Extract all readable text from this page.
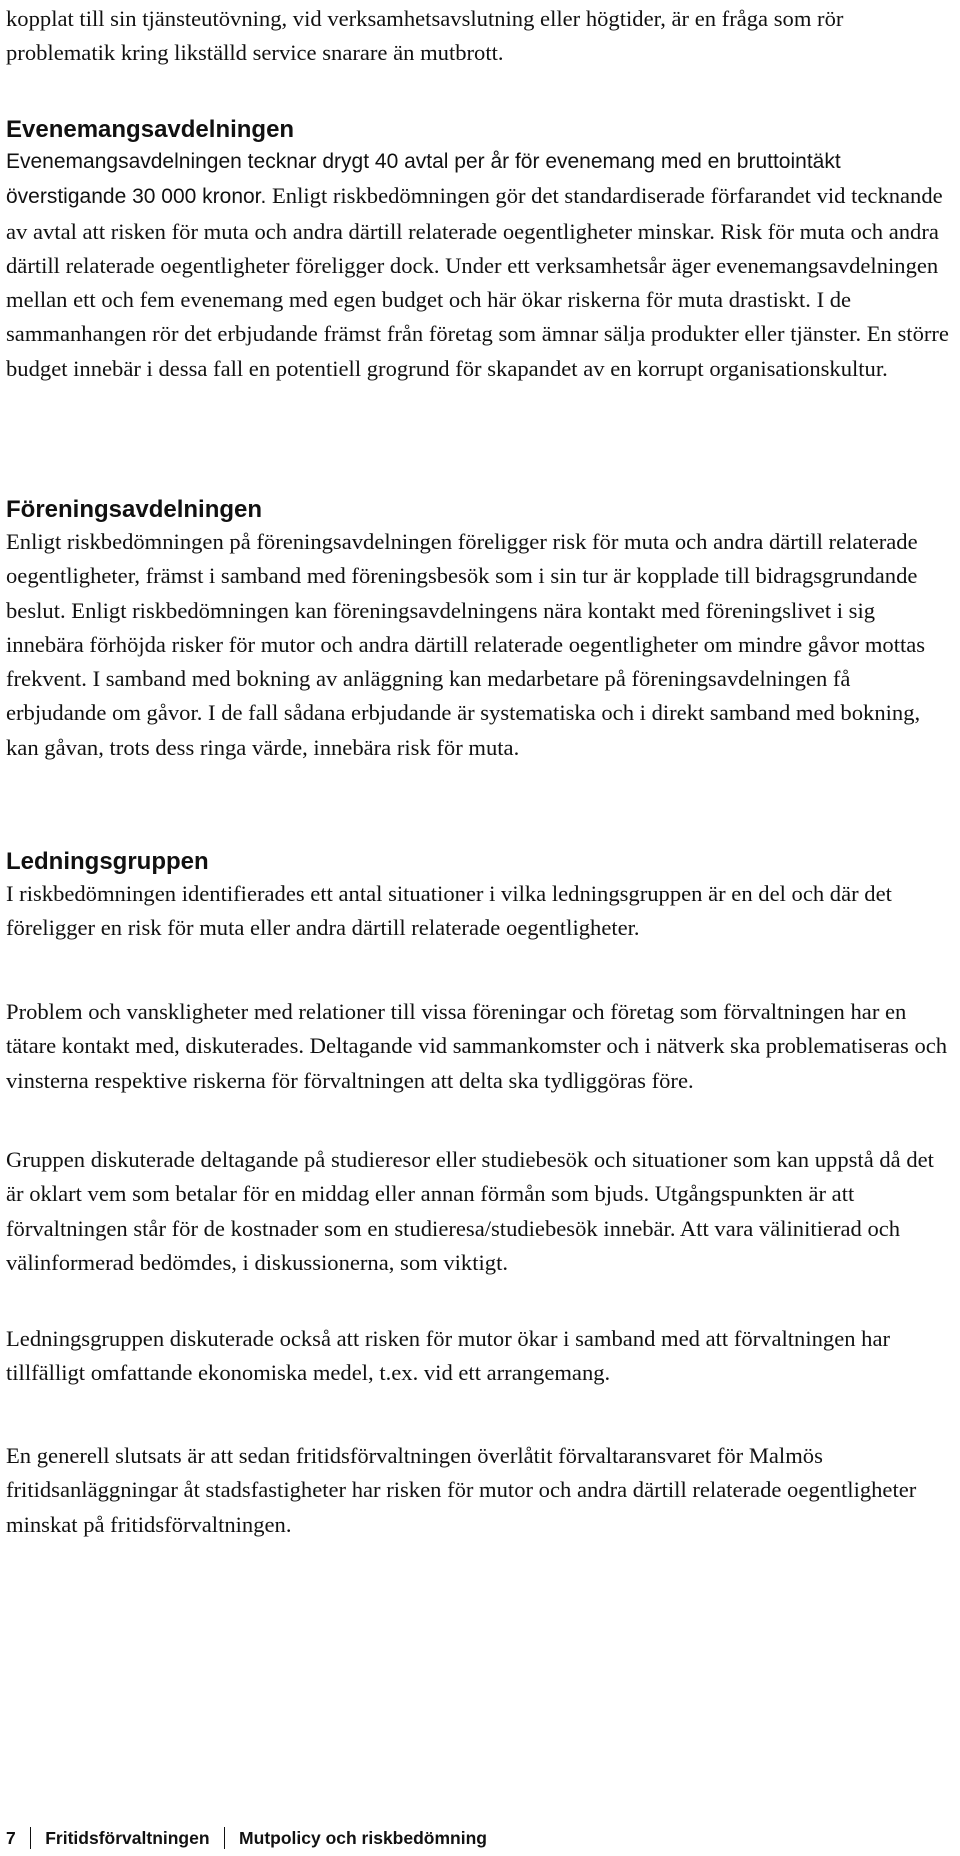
kopplat till sin tjänsteutövning, vid verksamhetsavslutning eller högtider, är en fråga som rör problematik kring likställd service snarare än mutbrott.

Evenemangsavdelningen

Evenemangsavdelningen tecknar drygt 40 avtal per år för evenemang med en bruttointäkt överstigande 30 000 kronor. Enligt riskbedömningen gör det standardiserade förfarandet vid tecknande av avtal att risken för muta och andra därtill relaterade oegentligheter minskar. Risk för muta och andra därtill relaterade oegentligheter föreligger dock. Under ett verksamhetsår äger evenemangsavdelningen mellan ett och fem evenemang med egen budget och här ökar riskerna för muta drastiskt. I de sammanhangen rör det erbjudande främst från företag som ämnar sälja produkter eller tjänster. En större budget innebär i dessa fall en potentiell grogrund för skapandet av en korrupt organisationskultur.

Föreningsavdelningen

Enligt riskbedömningen på föreningsavdelningen föreligger risk för muta och andra därtill relaterade oegentligheter, främst i samband med föreningsbesök som i sin tur är kopplade till bidragsgrundande beslut. Enligt riskbedömningen kan föreningsavdelningens nära kontakt med föreningslivet i sig innebära förhöjda risker för mutor och andra därtill relaterade oegentligheter om mindre gåvor mottas frekvent. I samband med bokning av anläggning kan medarbetare på föreningsavdelningen få erbjudande om gåvor. I de fall sådana erbjudande är systematiska och i direkt samband med bokning, kan gåvan, trots dess ringa värde, innebära risk för muta.

Ledningsgruppen

I riskbedömningen identifierades ett antal situationer i vilka ledningsgruppen är en del och där det föreligger en risk för muta eller andra därtill relaterade oegentligheter.

Problem och vanskligheter med relationer till vissa föreningar och företag som förvaltningen har en tätare kontakt med, diskuterades. Deltagande vid sammankomster och i nätverk ska problematiseras och vinsterna respektive riskerna för förvaltningen att delta ska tydliggöras före.

Gruppen diskuterade deltagande på studieresor eller studiebesök och situationer som kan uppstå då det är oklart vem som betalar för en middag eller annan förmån som bjuds. Utgångspunkten är att förvaltningen står för de kostnader som en studieresa/studiebesök innebär. Att vara välinitierad och välinformerad bedömdes, i diskussionerna, som viktigt.

Ledningsgruppen diskuterade också att risken för mutor ökar i samband med att förvaltningen har tillfälligt omfattande ekonomiska medel, t.ex. vid ett arrangemang.

En generell slutsats är att sedan fritidsförvaltningen överlåtit förvaltaransvaret för Malmös fritidsanläggningar åt stadsfastigheter har risken för mutor och andra därtill relaterade oegentligheter minskat på fritidsförvaltningen.

7 Fritidsförvaltningen Mutpolicy och riskbedömning
